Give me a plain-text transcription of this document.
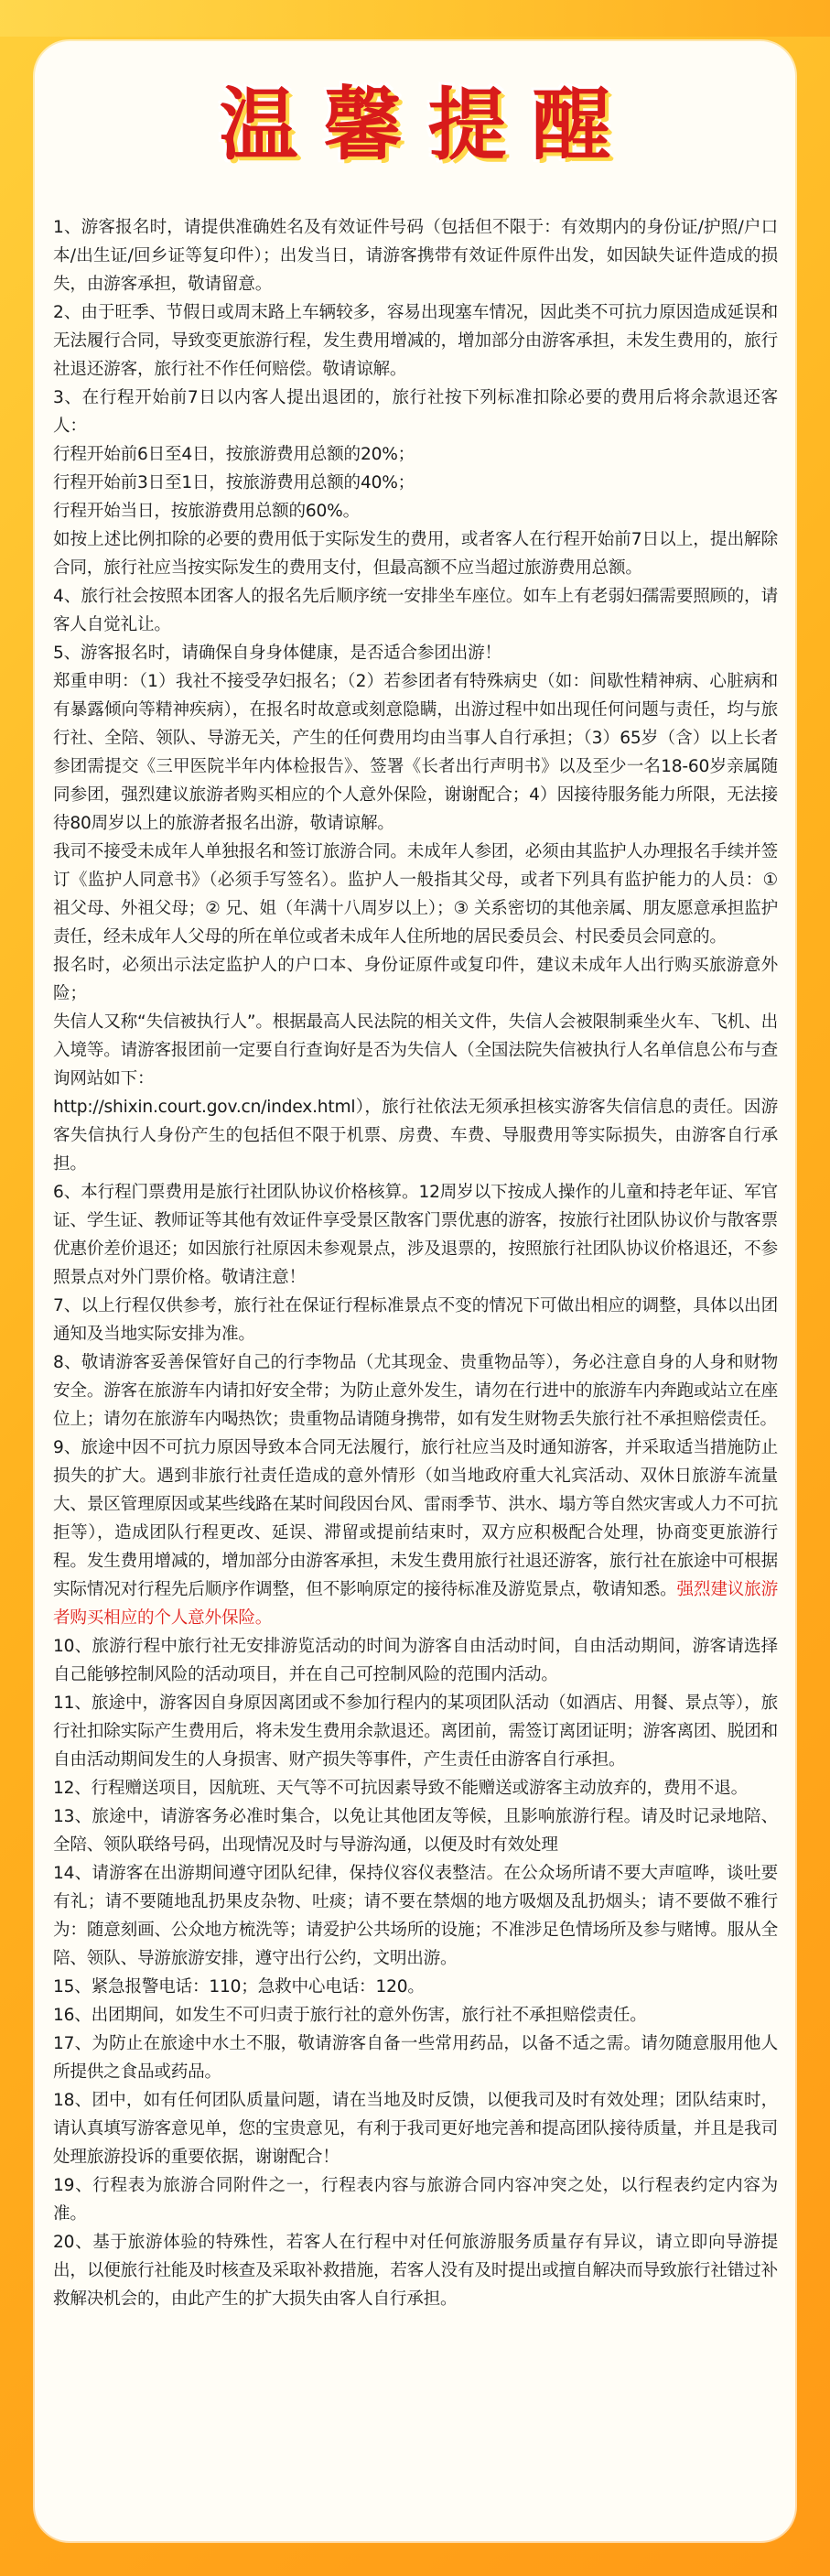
温馨提醒

1、游客报名时，请提供准确姓名及有效证件号码（包括但不限于：有效期内的身份证/护照/户口本/出生证/回乡证等复印件）；出发当日，请游客携带有效证件原件出发，如因缺失证件造成的损失，由游客承担，敬请留意。

2、由于旺季、节假日或周末路上车辆较多，容易出现塞车情况，因此类不可抗力原因造成延误和无法履行合同，导致变更旅游行程，发生费用增减的，增加部分由游客承担，未发生费用的，旅行社退还游客，旅行社不作任何赔偿。敬请谅解。

3、在行程开始前7日以内客人提出退团的，旅行社按下列标准扣除必要的费用后将余款退还客人：

行程开始前6日至4日，按旅游费用总额的20%；

行程开始前3日至1日，按旅游费用总额的40%；

行程开始当日，按旅游费用总额的60%。

如按上述比例扣除的必要的费用低于实际发生的费用，或者客人在行程开始前7日以上，提出解除合同，旅行社应当按实际发生的费用支付，但最高额不应当超过旅游费用总额。

4、旅行社会按照本团客人的报名先后顺序统一安排坐车座位。如车上有老弱妇孺需要照顾的，请客人自觉礼让。

5、游客报名时，请确保自身身体健康，是否适合参团出游！

郑重申明：（1）我社不接受孕妇报名；（2）若参团者有特殊病史（如：间歇性精神病、心脏病和有暴露倾向等精神疾病），在报名时故意或刻意隐瞒，出游过程中如出现任何问题与责任，均与旅行社、全陪、领队、导游无关，产生的任何费用均由当事人自行承担；（3）65岁（含）以上长者参团需提交《三甲医院半年内体检报告》、签署《长者出行声明书》以及至少一名18-60岁亲属随同参团，强烈建议旅游者购买相应的个人意外保险，谢谢配合；4）因接待服务能力所限，无法接待80周岁以上的旅游者报名出游，敬请谅解。

我司不接受未成年人单独报名和签订旅游合同。未成年人参团，必须由其监护人办理报名手续并签订《监护人同意书》（必须手写签名）。监护人一般指其父母，或者下列具有监护能力的人员：① 祖父母、外祖父母；② 兄、姐（年满十八周岁以上）；③ 关系密切的其他亲属、朋友愿意承担监护责任，经未成年人父母的所在单位或者未成年人住所地的居民委员会、村民委员会同意的。

报名时，必须出示法定监护人的户口本、身份证原件或复印件，建议未成年人出行购买旅游意外险；

失信人又称“失信被执行人”。根据最高人民法院的相关文件，失信人会被限制乘坐火车、飞机、出入境等。请游客报团前一定要自行查询好是否为失信人（全国法院失信被执行人名单信息公布与查询网站如下：

http://shixin.court.gov.cn/index.html），旅行社依法无须承担核实游客失信信息的责任。因游客失信执行人身份产生的包括但不限于机票、房费、车费、导服费用等实际损失，由游客自行承担。

6、本行程门票费用是旅行社团队协议价格核算。12周岁以下按成人操作的儿童和持老年证、军官证、学生证、教师证等其他有效证件享受景区散客门票优惠的游客，按旅行社团队协议价与散客票优惠价差价退还；如因旅行社原因未参观景点，涉及退票的，按照旅行社团队协议价格退还，不参照景点对外门票价格。敬请注意！

7、以上行程仅供参考，旅行社在保证行程标准景点不变的情况下可做出相应的调整，具体以出团通知及当地实际安排为准。

8、敬请游客妥善保管好自己的行李物品（尤其现金、贵重物品等），务必注意自身的人身和财物安全。游客在旅游车内请扣好安全带；为防止意外发生，请勿在行进中的旅游车内奔跑或站立在座位上；请勿在旅游车内喝热饮；贵重物品请随身携带，如有发生财物丢失旅行社不承担赔偿责任。

9、旅途中因不可抗力原因导致本合同无法履行，旅行社应当及时通知游客，并采取适当措施防止损失的扩大。遇到非旅行社责任造成的意外情形（如当地政府重大礼宾活动、双休日旅游车流量大、景区管理原因或某些线路在某时间段因台风、雷雨季节、洪水、塌方等自然灾害或人力不可抗拒等），造成团队行程更改、延误、滞留或提前结束时，双方应积极配合处理，协商变更旅游行程。发生费用增减的，增加部分由游客承担，未发生费用旅行社退还游客，旅行社在旅途中可根据实际情况对行程先后顺序作调整，但不影响原定的接待标准及游览景点，敬请知悉。强烈建议旅游者购买相应的个人意外保险。

10、旅游行程中旅行社无安排游览活动的时间为游客自由活动时间，自由活动期间，游客请选择自己能够控制风险的活动项目，并在自己可控制风险的范围内活动。

11、旅途中，游客因自身原因离团或不参加行程内的某项团队活动（如酒店、用餐、景点等），旅行社扣除实际产生费用后，将未发生费用余款退还。离团前，需签订离团证明；游客离团、脱团和自由活动期间发生的人身损害、财产损失等事件，产生责任由游客自行承担。

12、行程赠送项目，因航班、天气等不可抗因素导致不能赠送或游客主动放弃的，费用不退。

13、旅途中，请游客务必准时集合，以免让其他团友等候，且影响旅游行程。请及时记录地陪、全陪、领队联络号码，出现情况及时与导游沟通，以便及时有效处理

14、请游客在出游期间遵守团队纪律，保持仪容仪表整洁。在公众场所请不要大声喧哗，谈吐要有礼；请不要随地乱扔果皮杂物、吐痰；请不要在禁烟的地方吸烟及乱扔烟头；请不要做不雅行为：随意刻画、公众地方梳洗等；请爱护公共场所的设施；不准涉足色情场所及参与赌博。服从全陪、领队、导游旅游安排，遵守出行公约，文明出游。

15、紧急报警电话：110；急救中心电话：120。

16、出团期间，如发生不可归责于旅行社的意外伤害，旅行社不承担赔偿责任。

17、为防止在旅途中水土不服，敬请游客自备一些常用药品，以备不适之需。请勿随意服用他人所提供之食品或药品。

18、团中，如有任何团队质量问题，请在当地及时反馈，以便我司及时有效处理；团队结束时，请认真填写游客意见单，您的宝贵意见，有利于我司更好地完善和提高团队接待质量，并且是我司处理旅游投诉的重要依据，谢谢配合！

19、行程表为旅游合同附件之一，行程表内容与旅游合同内容冲突之处，以行程表约定内容为准。

20、基于旅游体验的特殊性，若客人在行程中对任何旅游服务质量存有异议，请立即向导游提出，以便旅行社能及时核查及采取补救措施，若客人没有及时提出或擅自解决而导致旅行社错过补救解决机会的，由此产生的扩大损失由客人自行承担。
